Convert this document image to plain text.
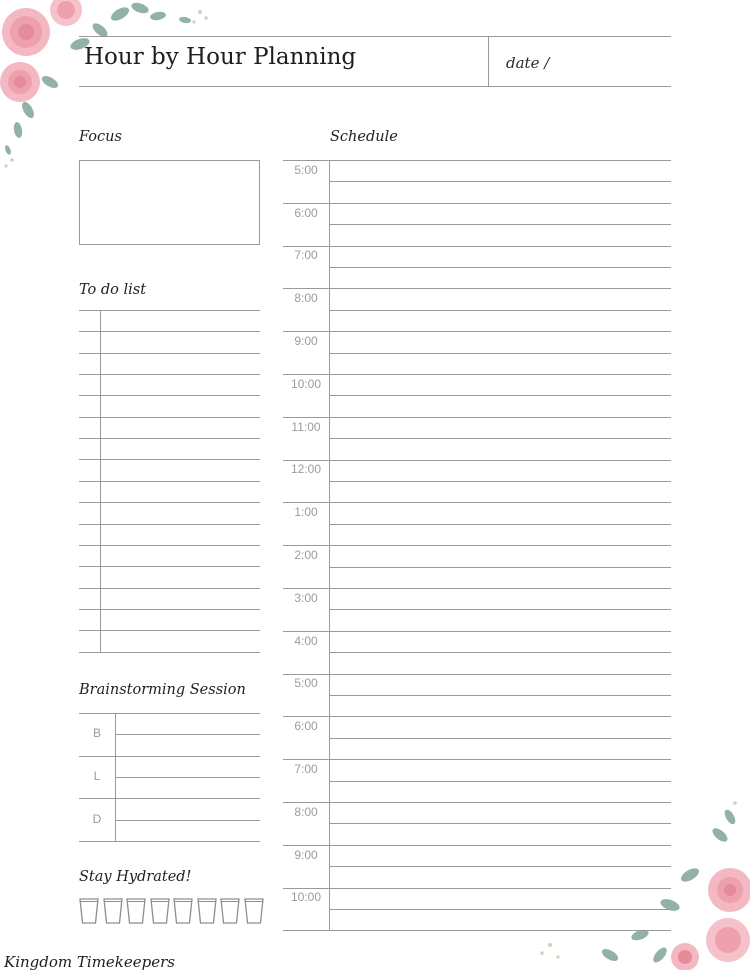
Hour by Hour Planning	date /
Focus	Schedule
To do list
Brainstorming Session
Stay Hydrated!
5:00
6:00
7:00
8:00
9:00
10:00
11:00
12:00
1:00
2:00
3:00
4:00
5:00
6:00
7:00
8:00
9:00
10:00
B
L
D
Kingdom Timekeepers
